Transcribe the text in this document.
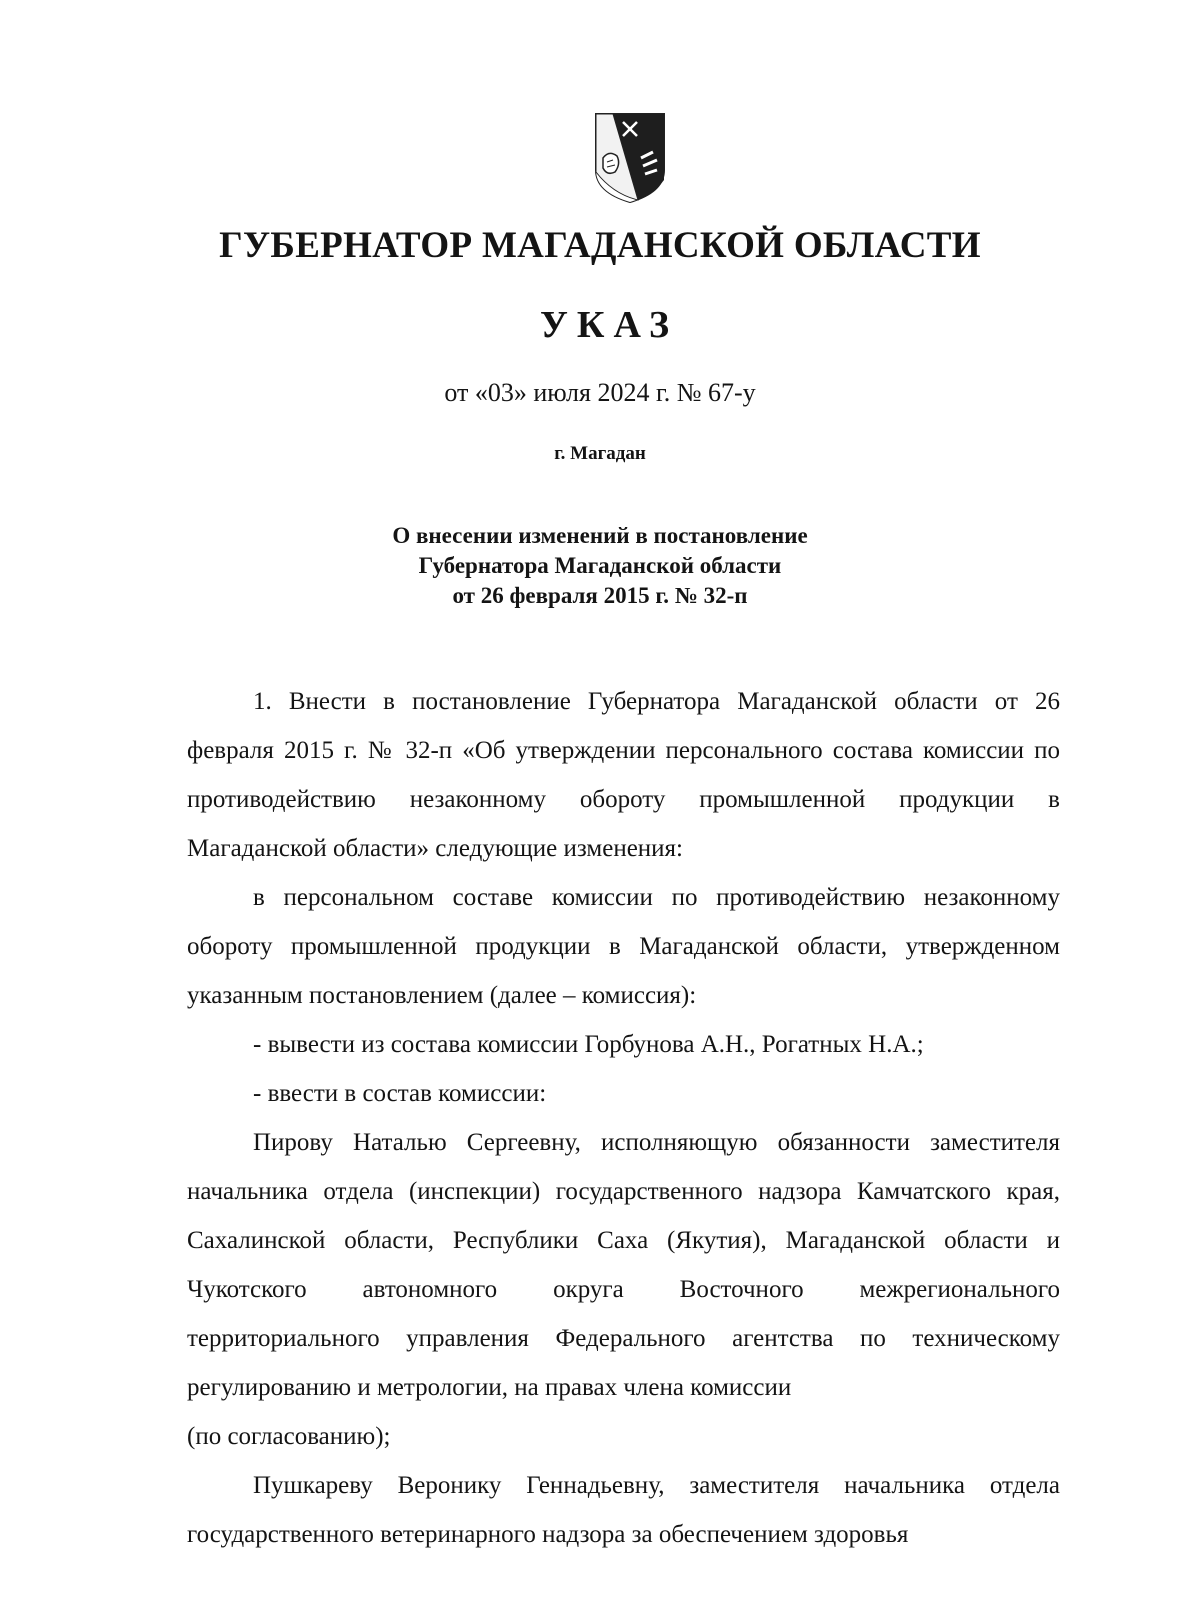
ГУБЕРНАТОР МАГАДАНСКОЙ ОБЛАСТИ
УКАЗ
от «03» июля 2024 г. № 67-у
г. Магадан
О внесении изменений в постановление
Губернатора Магаданской области
от 26 февраля 2015 г. № 32-п

1. Внести в постановление Губернатора Магаданской области от 26 февраля 2015 г. № 32-п «Об утверждении персонального состава комиссии по противодействию незаконному обороту промышленной продукции в Магаданской области» следующие изменения:

в персональном составе комиссии по противодействию незаконному обороту промышленной продукции в Магаданской области, утвержденном указанным постановлением (далее – комиссия):

- вывести из состава комиссии Горбунова А.Н., Рогатных Н.А.;

- ввести в состав комиссии:

Пирову Наталью Сергеевну, исполняющую обязанности заместителя начальника отдела (инспекции) государственного надзора Камчатского края, Сахалинской области, Республики Саха (Якутия), Магаданской области и Чукотского автономного округа Восточного межрегионального территориального управления Федерального агентства по техническому регулированию и метрологии, на правах члена комиссии

(по согласованию);

Пушкареву Веронику Геннадьевну, заместителя начальника отдела государственного ветеринарного надзора за обеспечением здоровья
